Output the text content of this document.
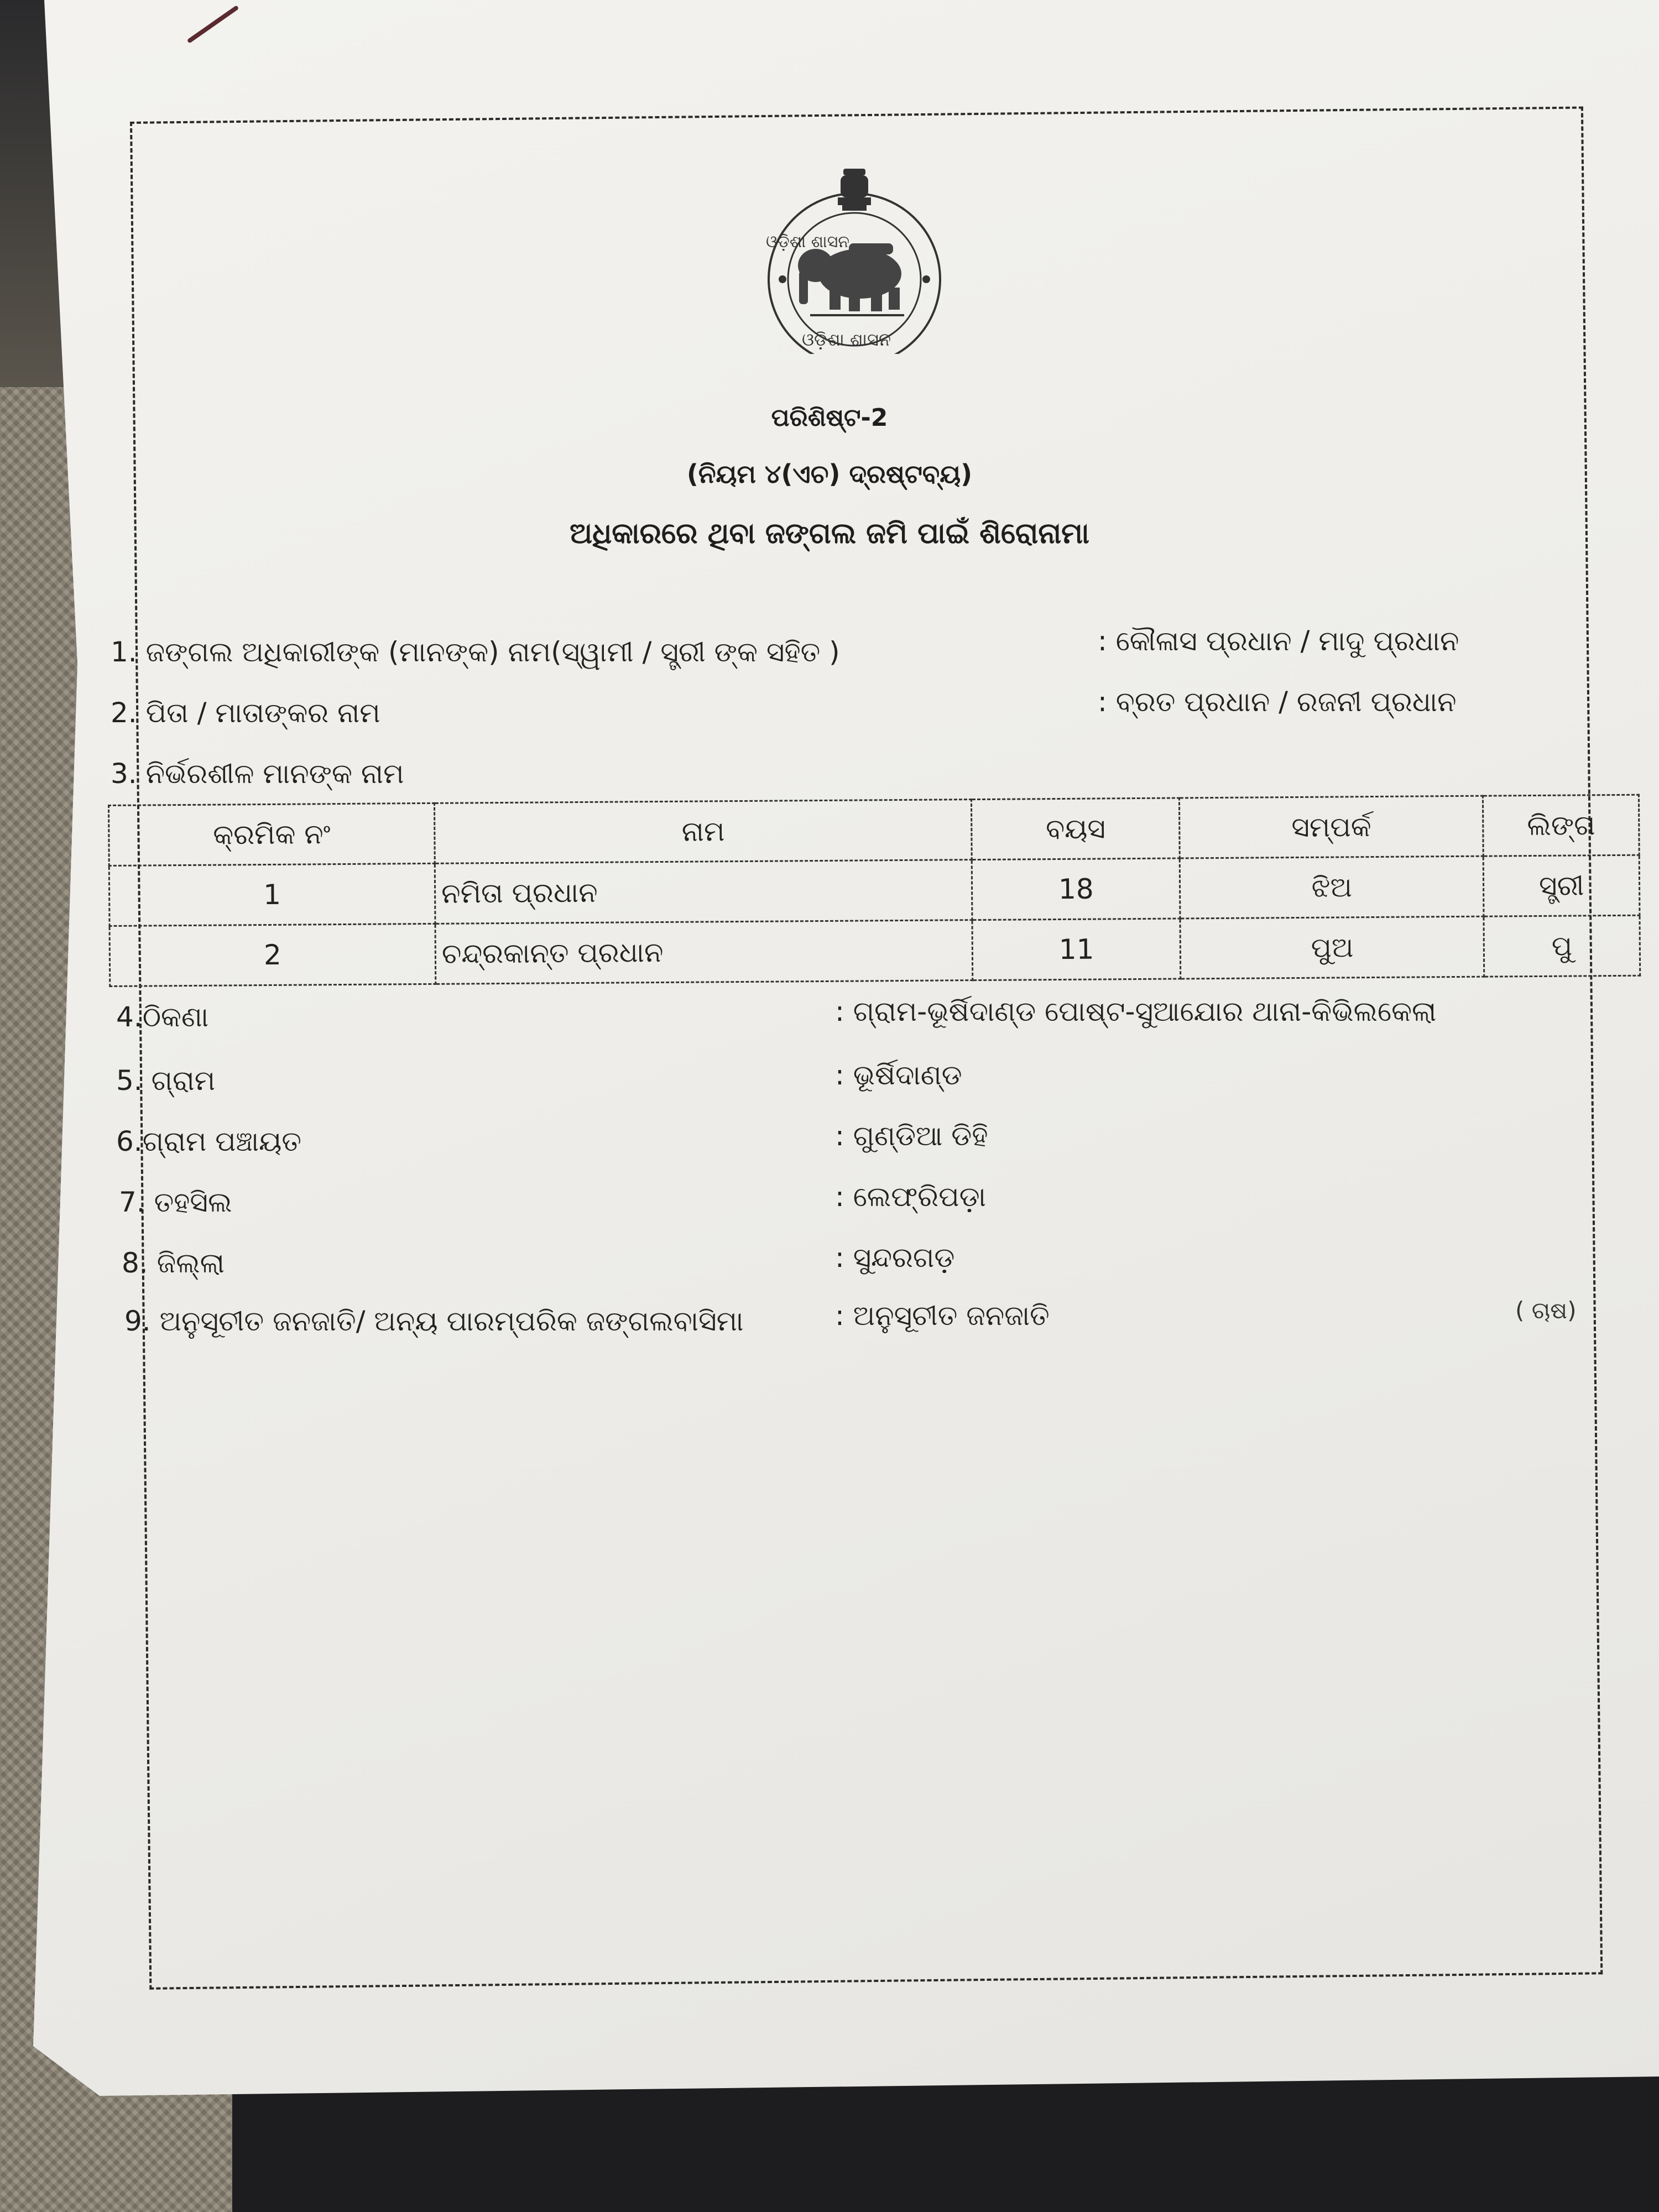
ଓଡ଼ିଶା ଶାସନ
ଓଡ଼ିଶା ଶାସନ
ପରିଶିଷ୍ଟ-2
(ନିୟମ ୪(ଏଚ) ଦ୍ରଷ୍ଟବ୍ୟ)
ଅଧିକାରରେ ଥିବା ଜଙ୍ଗଲ ଜମି ପାଇଁ ଶିରୋନାମା
1. ଜଙ୍ଗଲ ଅଧିକାରୀଙ୍କ (ମାନଙ୍କ) ନାମ(ସ୍ୱାମୀ / ସ୍ତ୍ରୀ ଙ୍କ ସହିତ )	: କୌଳାସ ପ୍ରଧାନ / ମାଦୁ ପ୍ରଧାନ
2. ପିତା / ମାତାଙ୍କର ନାମ	: ବ୍ରତ ପ୍ରଧାନ / ରଜନୀ ପ୍ରଧାନ
3. ନିର୍ଭରଶୀଳ ମାନଙ୍କ ନାମ
କ୍ରମିକ ନଂ	ନାମ	ବୟସ	ସମ୍ପର୍କ	ଲିଙ୍ଗ
1	ନମିତା ପ୍ରଧାନ	18	ଝିଅ	ସ୍ତ୍ରୀ
2	ଚନ୍ଦ୍ରକାନ୍ତ ପ୍ରଧାନ	11	ପୁଅ	ପୁ
4.ଠିକଣା	: ଗ୍ରାମ-ଭୂର୍ଷିଦାଣ୍ଡ ପୋଷ୍ଟ-ସୁଆଯୋର ଥାନା-କିଭିଲକେଲା
5. ଗ୍ରାମ	: ଭୂର୍ଷିଦାଣ୍ଡ
6.ଗ୍ରାମ ପଞ୍ଚାୟତ	: ଗୁଣ୍ଡିଆ ଡିହି
7. ତହସିଲ	: ଲେଫ୍ରିପଡ଼ା
8. ଜିଲ୍ଲା	: ସୁନ୍ଦରଗଡ଼
9. ଅନୁସୂଚୀତ ଜନଜାତି/ ଅନ୍ୟ ପାରମ୍ପରିକ ଜଙ୍ଗଲବାସିମା	: ଅନୁସୂଚୀତ ଜନଜାତି	( ଚାଷ)
